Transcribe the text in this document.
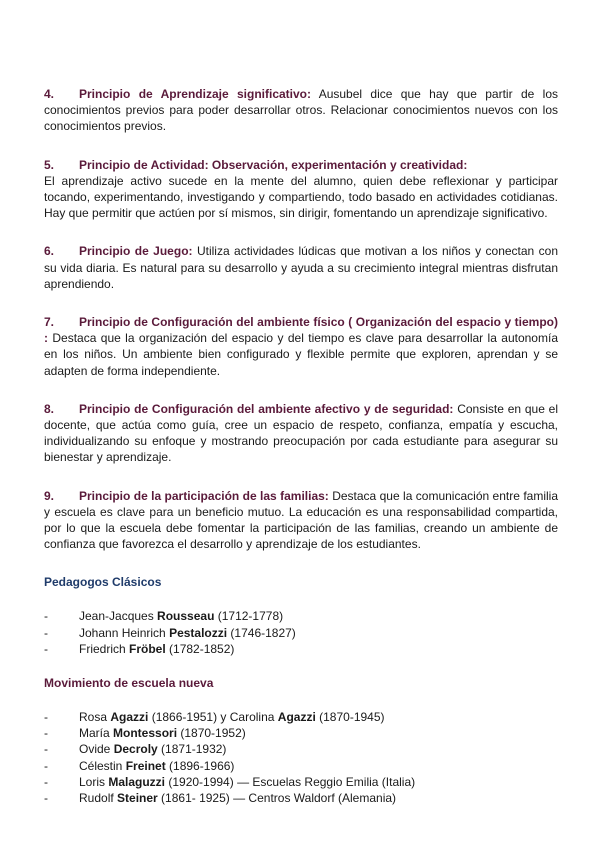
4. Principio de Aprendizaje significativo: Ausubel dice que hay que partir de los conocimientos previos para poder desarrollar otros. Relacionar conocimientos nuevos con los conocimientos previos.

5. Principio de Actividad: Observación, experimentación y creatividad:
El aprendizaje activo sucede en la mente del alumno, quien debe reflexionar y participar tocando, experimentando, investigando y compartiendo, todo basado en actividades cotidianas. Hay que permitir que actúen por sí mismos, sin dirigir, fomentando un aprendizaje significativo.

6. Principio de Juego: Utiliza actividades lúdicas que motivan a los niños y conectan con su vida diaria. Es natural para su desarrollo y ayuda a su crecimiento integral mientras disfrutan aprendiendo.

7. Principio de Configuración del ambiente físico ( Organización del espacio y tiempo) : Destaca que la organización del espacio y del tiempo es clave para desarrollar la autonomía en los niños. Un ambiente bien configurado y flexible permite que exploren, aprendan y se adapten de forma independiente.

8. Principio de Configuración del ambiente afectivo y de seguridad: Consiste en que el docente, que actúa como guía, cree un espacio de respeto, confianza, empatía y escucha, individualizando su enfoque y mostrando preocupación por cada estudiante para asegurar su bienestar y aprendizaje.

9. Principio de la participación de las familias: Destaca que la comunicación entre familia y escuela es clave para un beneficio mutuo. La educación es una responsabilidad compartida, por lo que la escuela debe fomentar la participación de las familias, creando un ambiente de confianza que favorezca el desarrollo y aprendizaje de los estudiantes.

Pedagogos Clásicos
-	Jean-Jacques Rousseau (1712-1778)
-	Johann Heinrich Pestalozzi (1746-1827)
-	Friedrich Fröbel (1782-1852)
Movimiento de escuela nueva
-	Rosa Agazzi (1866-1951) y Carolina Agazzi (1870-1945)
-	María Montessori (1870-1952)
-	Ovide Decroly (1871-1932)
-	Célestin Freinet (1896-1966)
-	Loris Malaguzzi (1920-1994) — Escuelas Reggio Emilia (Italia)
-	Rudolf Steiner (1861- 1925) — Centros Waldorf (Alemania)
